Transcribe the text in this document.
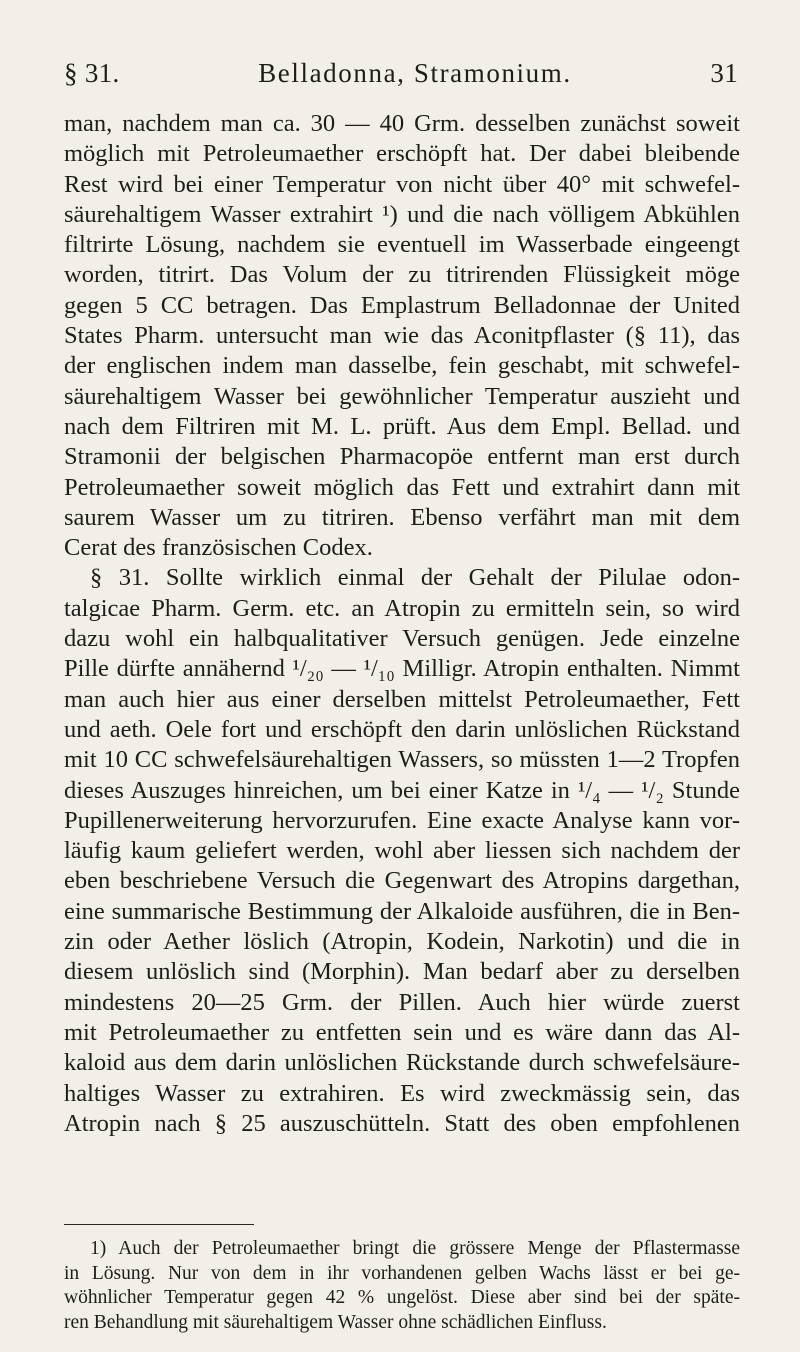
§ 31.	Belladonna, Stramonium.	31
man, nachdem man ca. 30 — 40 Grm. desselben zunächst soweit
möglich mit Petroleumaether erschöpft hat. Der dabei bleibende
Rest wird bei einer Temperatur von nicht über 40° mit schwefel-
säurehaltigem Wasser extrahirt ¹) und die nach völligem Abkühlen
filtrirte Lösung, nachdem sie eventuell im Wasserbade eingeengt
worden, titrirt. Das Volum der zu titrirenden Flüssigkeit möge
gegen 5 CC betragen. Das Emplastrum Belladonnae der United
States Pharm. untersucht man wie das Aconitpflaster (§ 11), das
der englischen indem man dasselbe, fein geschabt, mit schwefel-
säurehaltigem Wasser bei gewöhnlicher Temperatur auszieht und
nach dem Filtriren mit M. L. prüft. Aus dem Empl. Bellad. und
Stramonii der belgischen Pharmacopöe entfernt man erst durch
Petroleumaether soweit möglich das Fett und extrahirt dann mit
saurem Wasser um zu titriren. Ebenso verfährt man mit dem
Cerat des französischen Codex.
§ 31. Sollte wirklich einmal der Gehalt der Pilulae odon-
talgicae Pharm. Germ. etc. an Atropin zu ermitteln sein, so wird
dazu wohl ein halbqualitativer Versuch genügen. Jede einzelne
Pille dürfte annähernd ¹/₂₀ — ¹/₁₀ Milligr. Atropin enthalten. Nimmt
man auch hier aus einer derselben mittelst Petroleumaether, Fett
und aeth. Oele fort und erschöpft den darin unlöslichen Rückstand
mit 10 CC schwefelsäurehaltigen Wassers, so müssten 1—2 Tropfen
dieses Auszuges hinreichen, um bei einer Katze in ¹/₄ — ¹/₂ Stunde
Pupillenerweiterung hervorzurufen. Eine exacte Analyse kann vor-
läufig kaum geliefert werden, wohl aber liessen sich nachdem der
eben beschriebene Versuch die Gegenwart des Atropins dargethan,
eine summarische Bestimmung der Alkaloide ausführen, die in Ben-
zin oder Aether löslich (Atropin, Kodein, Narkotin) und die in
diesem unlöslich sind (Morphin). Man bedarf aber zu derselben
mindestens 20—25 Grm. der Pillen. Auch hier würde zuerst
mit Petroleumaether zu entfetten sein und es wäre dann das Al-
kaloid aus dem darin unlöslichen Rückstande durch schwefelsäure-
haltiges Wasser zu extrahiren. Es wird zweckmässig sein, das
Atropin nach § 25 auszuschütteln. Statt des oben empfohlenen
1) Auch der Petroleumaether bringt die grössere Menge der Pflastermasse
in Lösung. Nur von dem in ihr vorhandenen gelben Wachs lässt er bei ge-
wöhnlicher Temperatur gegen 42 % ungelöst. Diese aber sind bei der späte-
ren Behandlung mit säurehaltigem Wasser ohne schädlichen Einfluss.
